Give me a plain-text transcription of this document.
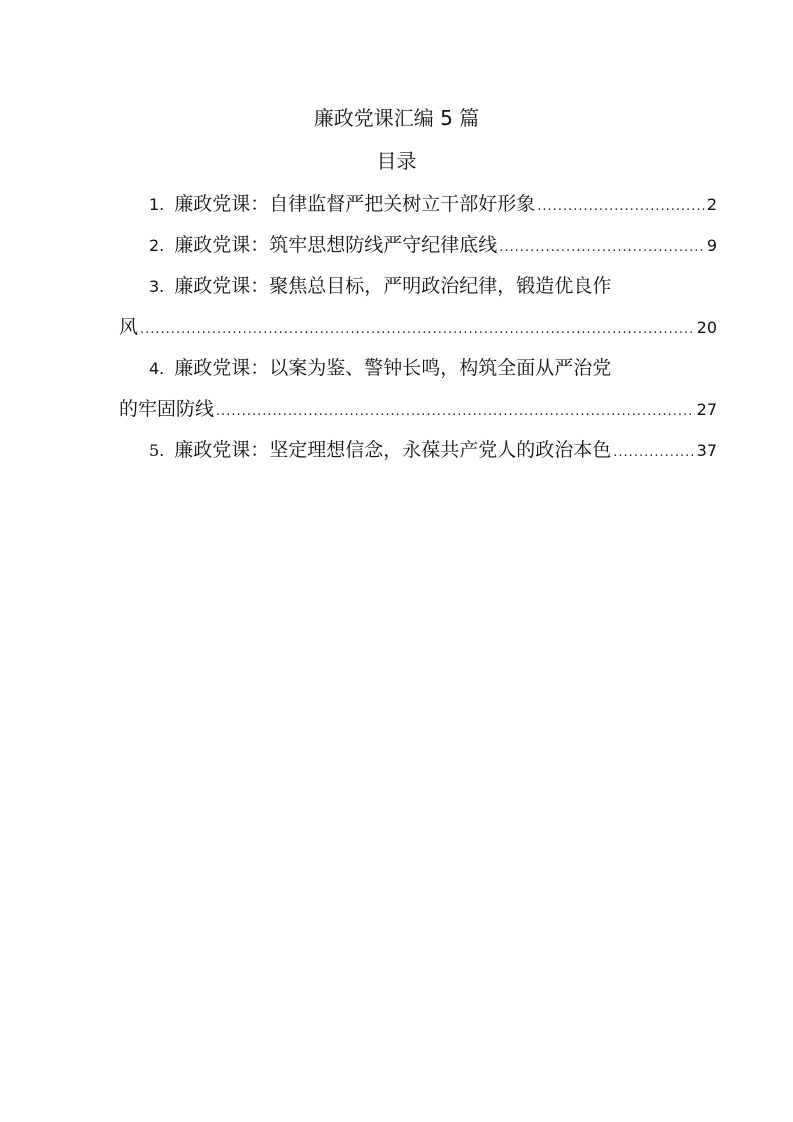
廉政党课汇编 5 篇
目录
1. 廉政党课：自律监督严把关树立干部好形象 .....	2
2. 廉政党课：筑牢思想防线严守纪律底线 .....	9
3. 廉政党课：聚焦总目标，严明政治纪律，锻造优良作
风 .....	20
4. 廉政党课：以案为鉴、警钟长鸣，构筑全面从严治党
的牢固防线 .....	27
5. 廉政党课：坚定理想信念，永葆共产党人的政治本色 .....	37
